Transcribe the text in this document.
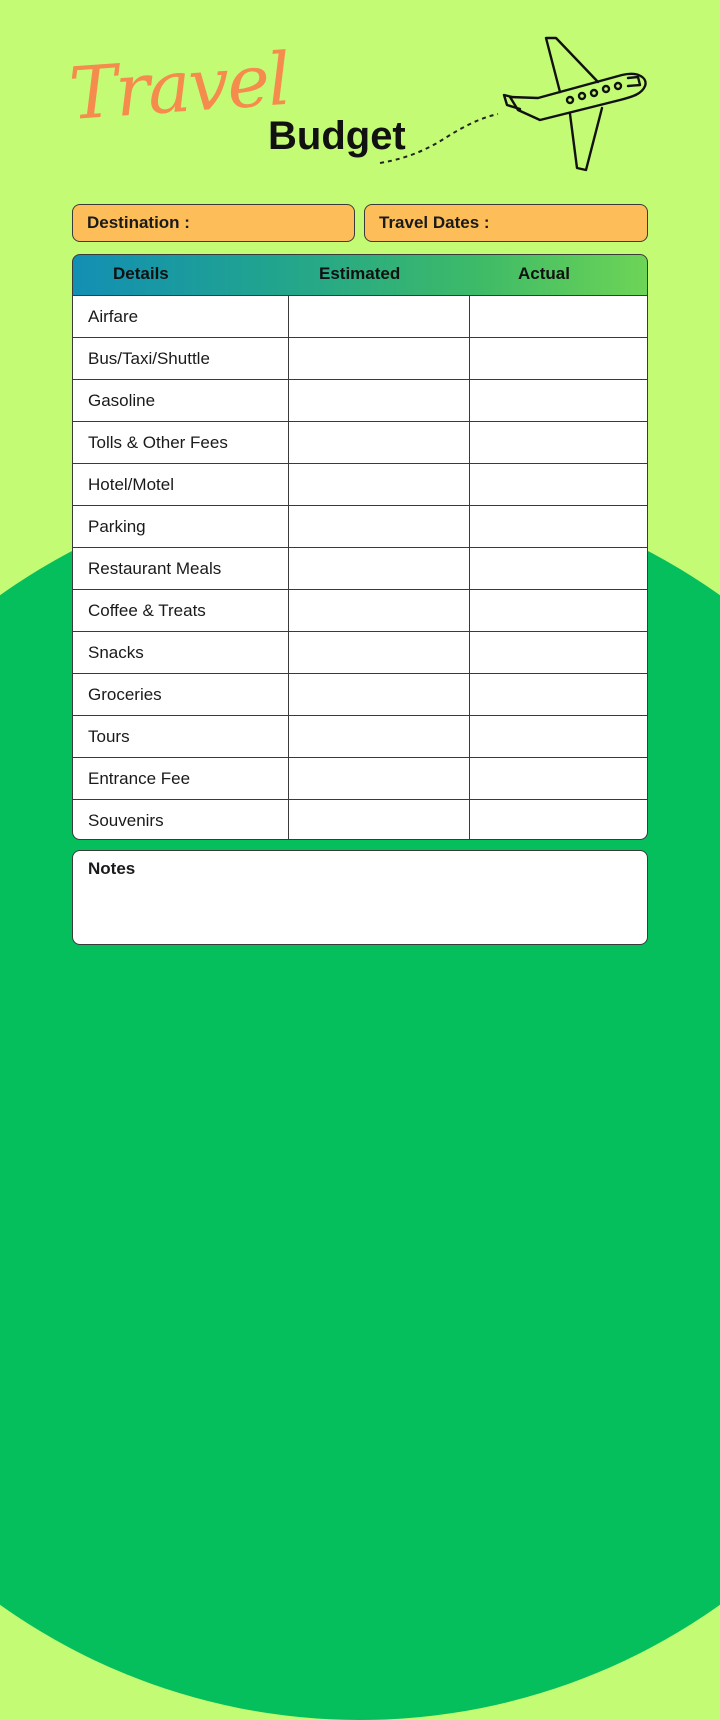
Travel
Budget
Destination :	Travel Dates :
Details	Estimated	Actual
Airfare
Bus/Taxi/Shuttle
Gasoline
Tolls & Other Fees
Hotel/Motel
Parking
Restaurant Meals
Coffee & Treats
Snacks
Groceries
Tours
Entrance Fee
Souvenirs
Notes
